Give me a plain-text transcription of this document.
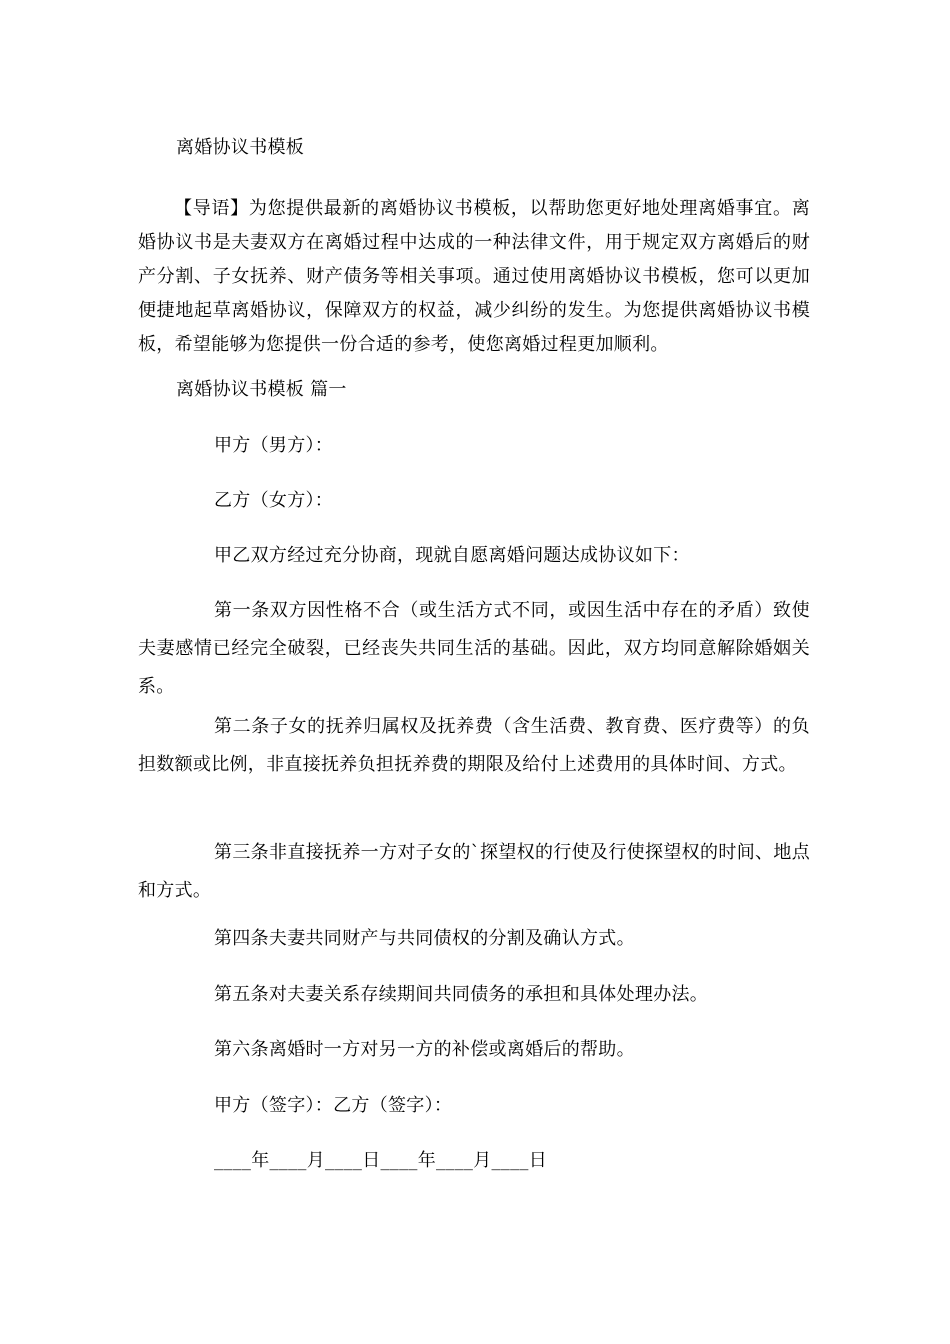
离婚协议书模板
【导语】为您提供最新的离婚协议书模板，以帮助您更好地处理离婚事宜。离婚协议书是夫妻双方在离婚过程中达成的一种法律文件，用于规定双方离婚后的财产分割、子女抚养、财产债务等相关事项。通过使用离婚协议书模板，您可以更加便捷地起草离婚协议，保障双方的权益，减少纠纷的发生。为您提供离婚协议书模板，希望能够为您提供一份合适的参考，使您离婚过程更加顺利。
离婚协议书模板 篇一
甲方（男方）：
乙方（女方）：
甲乙双方经过充分协商，现就自愿离婚问题达成协议如下：
第一条双方因性格不合（或生活方式不同，或因生活中存在的矛盾）致使夫妻感情已经完全破裂，已经丧失共同生活的基础。因此，双方均同意解除婚姻关系。
第二条子女的抚养归属权及抚养费（含生活费、教育费、医疗费等）的负担数额或比例，非直接抚养负担抚养费的期限及给付上述费用的具体时间、方式。
第三条非直接抚养一方对子女的`探望权的行使及行使探望权的时间、地点和方式。
第四条夫妻共同财产与共同债权的分割及确认方式。
第五条对夫妻关系存续期间共同债务的承担和具体处理办法。
第六条离婚时一方对另一方的补偿或离婚后的帮助。
甲方（签字）：乙方（签字）：
____年____月____日____年____月____日
